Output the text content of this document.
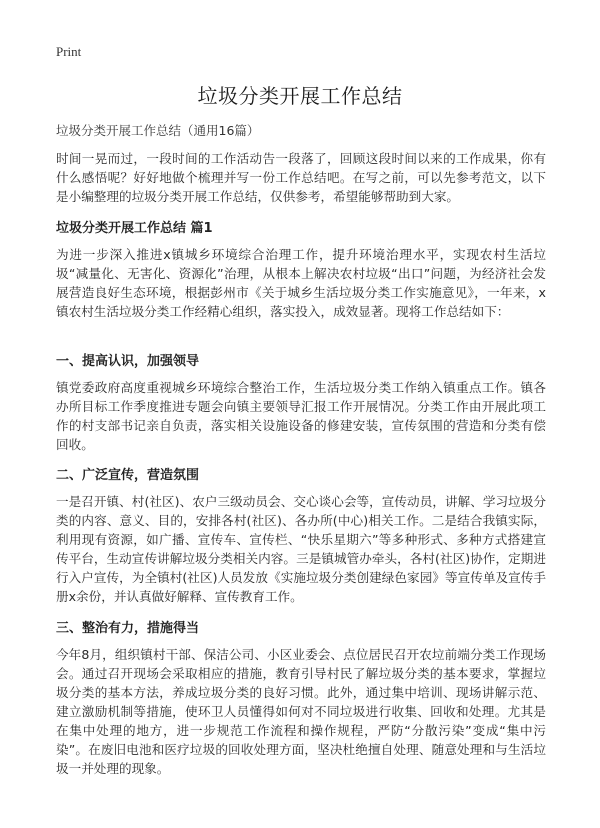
Print
垃圾分类开展工作总结
垃圾分类开展工作总结（通用16篇）
时间一晃而过，一段时间的工作活动告一段落了，回顾这段时间以来的工作成果，你有什么感悟呢？好好地做个梳理并写一份工作总结吧。在写之前，可以先参考范文，以下是小编整理的垃圾分类开展工作总结，仅供参考，希望能够帮助到大家。
垃圾分类开展工作总结 篇1
为进一步深入推进x镇城乡环境综合治理工作，提升环境治理水平，实现农村生活垃圾“减量化、无害化、资源化”治理，从根本上解决农村垃圾“出口”问题，为经济社会发展营造良好生态环境，根据彭州市《关于城乡生活垃圾分类工作实施意见》，一年来，x镇农村生活垃圾分类工作经精心组织，落实投入，成效显著。现将工作总结如下：
一、提高认识，加强领导
镇党委政府高度重视城乡环境综合整治工作，生活垃圾分类工作纳入镇重点工作。镇各办所目标工作季度推进专题会向镇主要领导汇报工作开展情况。分类工作由开展此项工作的村支部书记亲自负责，落实相关设施设备的修建安装，宣传氛围的营造和分类有偿回收。
二、广泛宣传，营造氛围
一是召开镇、村(社区)、农户三级动员会、交心谈心会等，宣传动员，讲解、学习垃圾分类的内容、意义、目的，安排各村(社区)、各办所(中心)相关工作。二是结合我镇实际，利用现有资源，如广播、宣传车、宣传栏、“快乐星期六”等多种形式、多种方式搭建宣传平台，生动宣传讲解垃圾分类相关内容。三是镇城管办牵头，各村(社区)协作，定期进行入户宣传，为全镇村(社区)人员发放《实施垃圾分类创建绿色家园》等宣传单及宣传手册x余份，并认真做好解释、宣传教育工作。
三、整治有力，措施得当
今年8月，组织镇村干部、保洁公司、小区业委会、点位居民召开农垃前端分类工作现场会。通过召开现场会采取相应的措施，教育引导村民了解垃圾分类的基本要求，掌握垃圾分类的基本方法，养成垃圾分类的良好习惯。此外，通过集中培训、现场讲解示范、建立激励机制等措施，使环卫人员懂得如何对不同垃圾进行收集、回收和处理。尤其是在集中处理的地方，进一步规范工作流程和操作规程，严防“分散污染”变成“集中污染”。在废旧电池和医疗垃圾的回收处理方面，坚决杜绝擅自处理、随意处理和与生活垃圾一并处理的现象。
